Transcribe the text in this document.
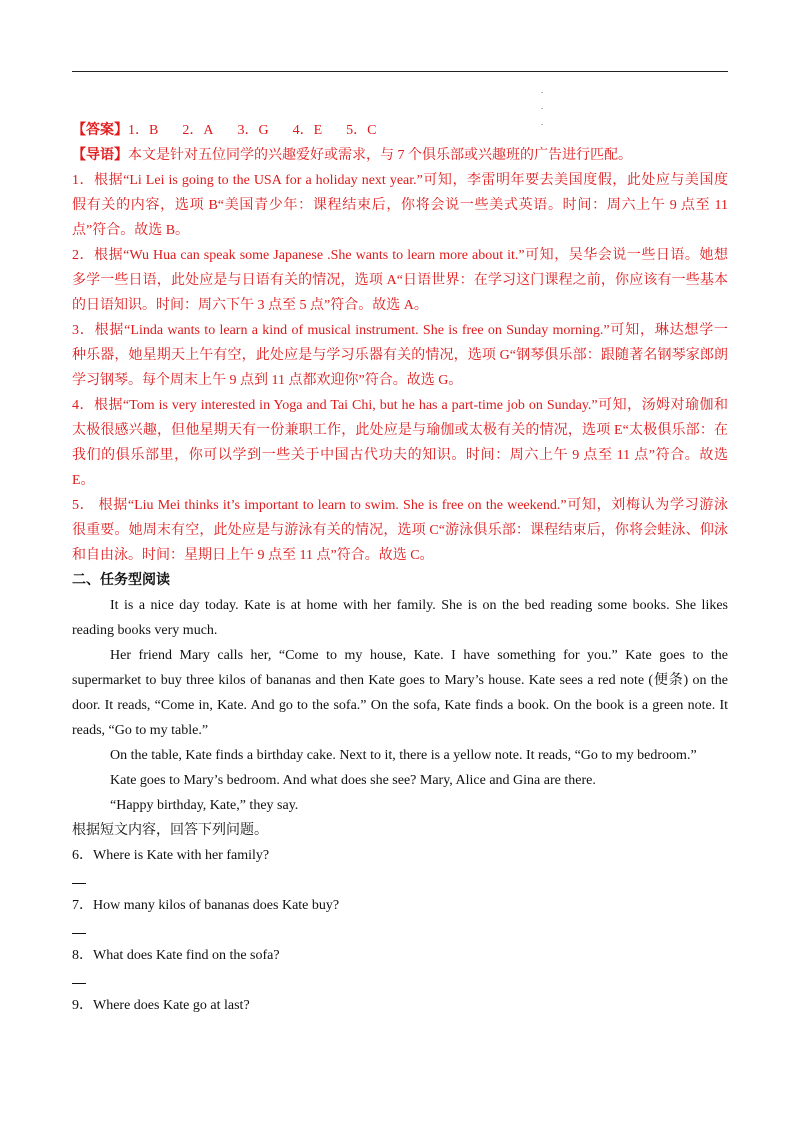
.
.
.
【答案】1．B 2．A 3．G 4．E 5．C
【导语】本文是针对五位同学的兴趣爱好或需求，与 7 个俱乐部或兴趣班的广告进行匹配。
1．根据“Li Lei is going to the USA for a holiday next year.”可知，李雷明年要去美国度假，此处应与美国度
假有关的内容，选项 B“美国青少年：课程结束后，你将会说一些美式英语。时间：周六上午 9 点至 11
点”符合。故选 B。
2．根据“Wu Hua can speak some Japanese .She wants to learn more about it.”可知，吴华会说一些日语。她想
多学一些日语，此处应是与日语有关的情况，选项 A“日语世界：在学习这门课程之前，你应该有一些基本
的日语知识。时间：周六下午 3 点至 5 点”符合。故选 A。
3．根据“Linda wants to learn a kind of musical instrument. She is free on Sunday morning.”可知，琳达想学一
种乐器，她星期天上午有空，此处应是与学习乐器有关的情况，选项 G“钢琴俱乐部：跟随著名钢琴家郎朗
学习钢琴。每个周末上午 9 点到 11 点都欢迎你”符合。故选 G。
4．根据“Tom is very interested in Yoga and Tai Chi, but he has a part-time job on Sunday.”可知，汤姆对瑜伽和
太极很感兴趣，但他星期天有一份兼职工作，此处应是与瑜伽或太极有关的情况，选项 E“太极俱乐部：在
我们的俱乐部里，你可以学到一些关于中国古代功夫的知识。时间：周六上午 9 点至 11 点”符合。故选
E。
5． 根据“Liu Mei thinks it’s important to learn to swim. She is free on the weekend.”可知，刘梅认为学习游泳
很重要。她周末有空，此处应是与游泳有关的情况，选项 C“游泳俱乐部：课程结束后，你将会蛙泳、仰泳
和自由泳。时间：星期日上午 9 点至 11 点”符合。故选 C。
二、任务型阅读
It is a nice day today. Kate is at home with her family. She is on the bed reading some books. She likes
reading books very much.
Her friend Mary calls her, “Come to my house, Kate. I have something for you.” Kate goes to the
supermarket to buy three kilos of bananas and then Kate goes to Mary’s house. Kate sees a red note (便条) on the
door. It reads, “Come in, Kate. And go to the sofa.” On the sofa, Kate finds a book. On the book is a green note. It
reads, “Go to my table.”
On the table, Kate finds a birthday cake. Next to it, there is a yellow note. It reads, “Go to my bedroom.”
Kate goes to Mary’s bedroom. And what does she see? Mary, Alice and Gina are there.
“Happy birthday, Kate,” they say.
根据短文内容，回答下列问题。
6．Where is Kate with her family?
7．How many kilos of bananas does Kate buy?
8．What does Kate find on the sofa?
9．Where does Kate go at last?
